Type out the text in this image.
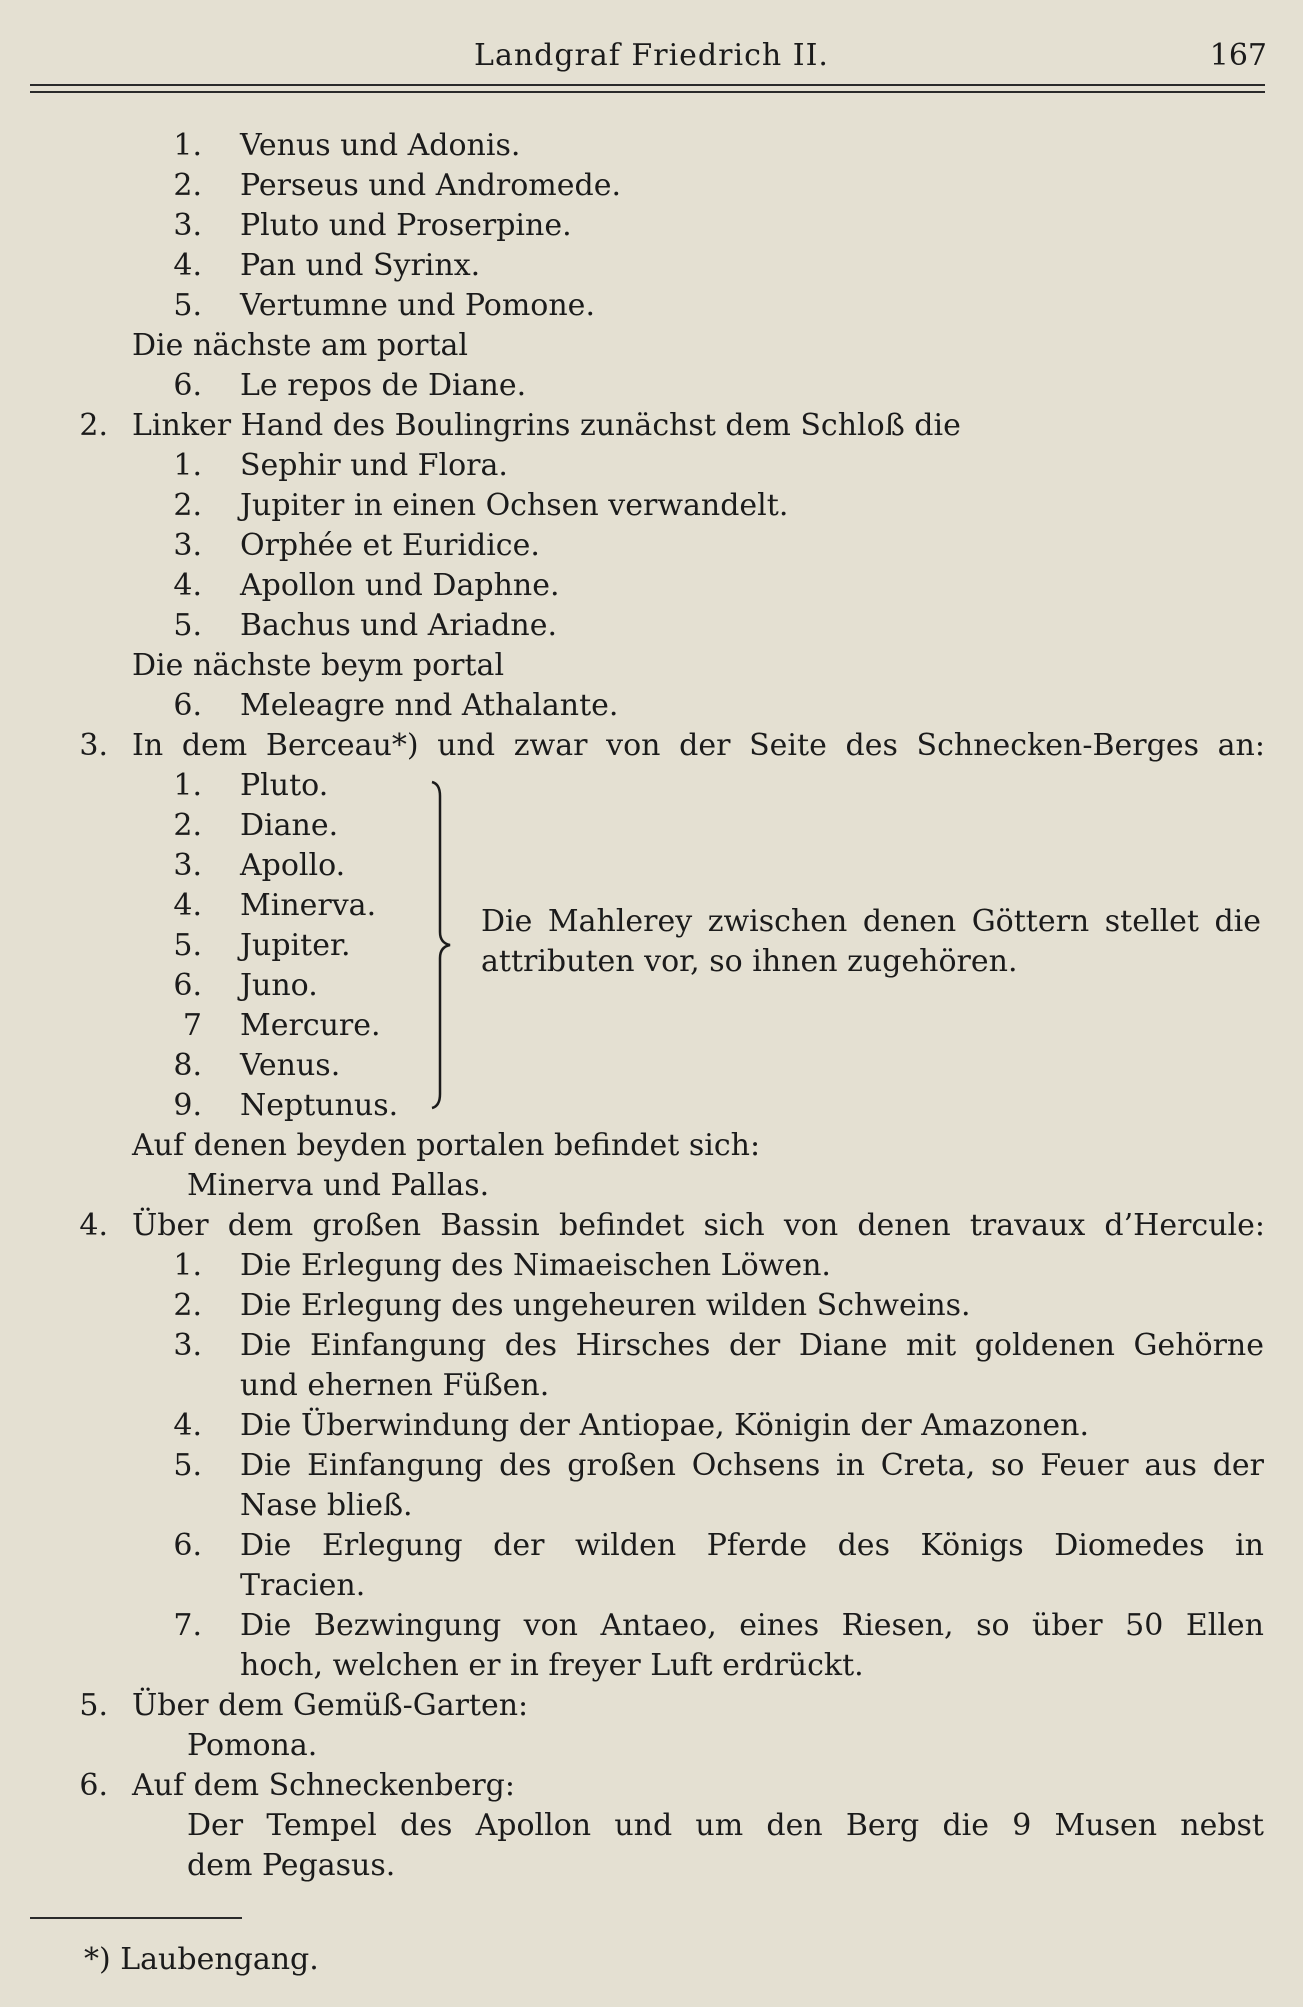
Landgraf Friedrich II.	167
1. Venus und Adonis.
2. Perseus und Andromede.
3. Pluto und Proserpine.
4. Pan und Syrinx.
5. Vertumne und Pomone.
Die nächste am portal
6. Le repos de Diane.
2. Linker Hand des Boulingrins zunächst dem Schloß die
1. Sephir und Flora.
2. Jupiter in einen Ochsen verwandelt.
3. Orphée et Euridice.
4. Apollon und Daphne.
5. Bachus und Ariadne.
Die nächste beym portal
6. Meleagre nnd Athalante.
3. In dem Berceau*) und zwar von der Seite des Schnecken-Berges an:
1. Pluto.
2. Diane.
3. Apollo.
4. Minerva.
5. Jupiter.
6. Juno.
7 Mercure.
8. Venus.
9. Neptunus.
Die Mahlerey zwischen denen Göttern stellet die
attributen vor, so ihnen zugehören.
Auf denen beyden portalen befindet sich:
Minerva und Pallas.
4. Über dem großen Bassin befindet sich von denen travaux d’Hercule:
1. Die Erlegung des Nimaeischen Löwen.
2. Die Erlegung des ungeheuren wilden Schweins.
3. Die Einfangung des Hirsches der Diane mit goldenen Gehörne
und ehernen Füßen.
4. Die Überwindung der Antiopae, Königin der Amazonen.
5. Die Einfangung des großen Ochsens in Creta, so Feuer aus der
Nase bließ.
6. Die Erlegung der wilden Pferde des Königs Diomedes in
Tracien.
7. Die Bezwingung von Antaeo, eines Riesen, so über 50 Ellen
hoch, welchen er in freyer Luft erdrückt.
5. Über dem Gemüß-Garten:
Pomona.
6. Auf dem Schneckenberg:
Der Tempel des Apollon und um den Berg die 9 Musen nebst
dem Pegasus.
*) Laubengang.
